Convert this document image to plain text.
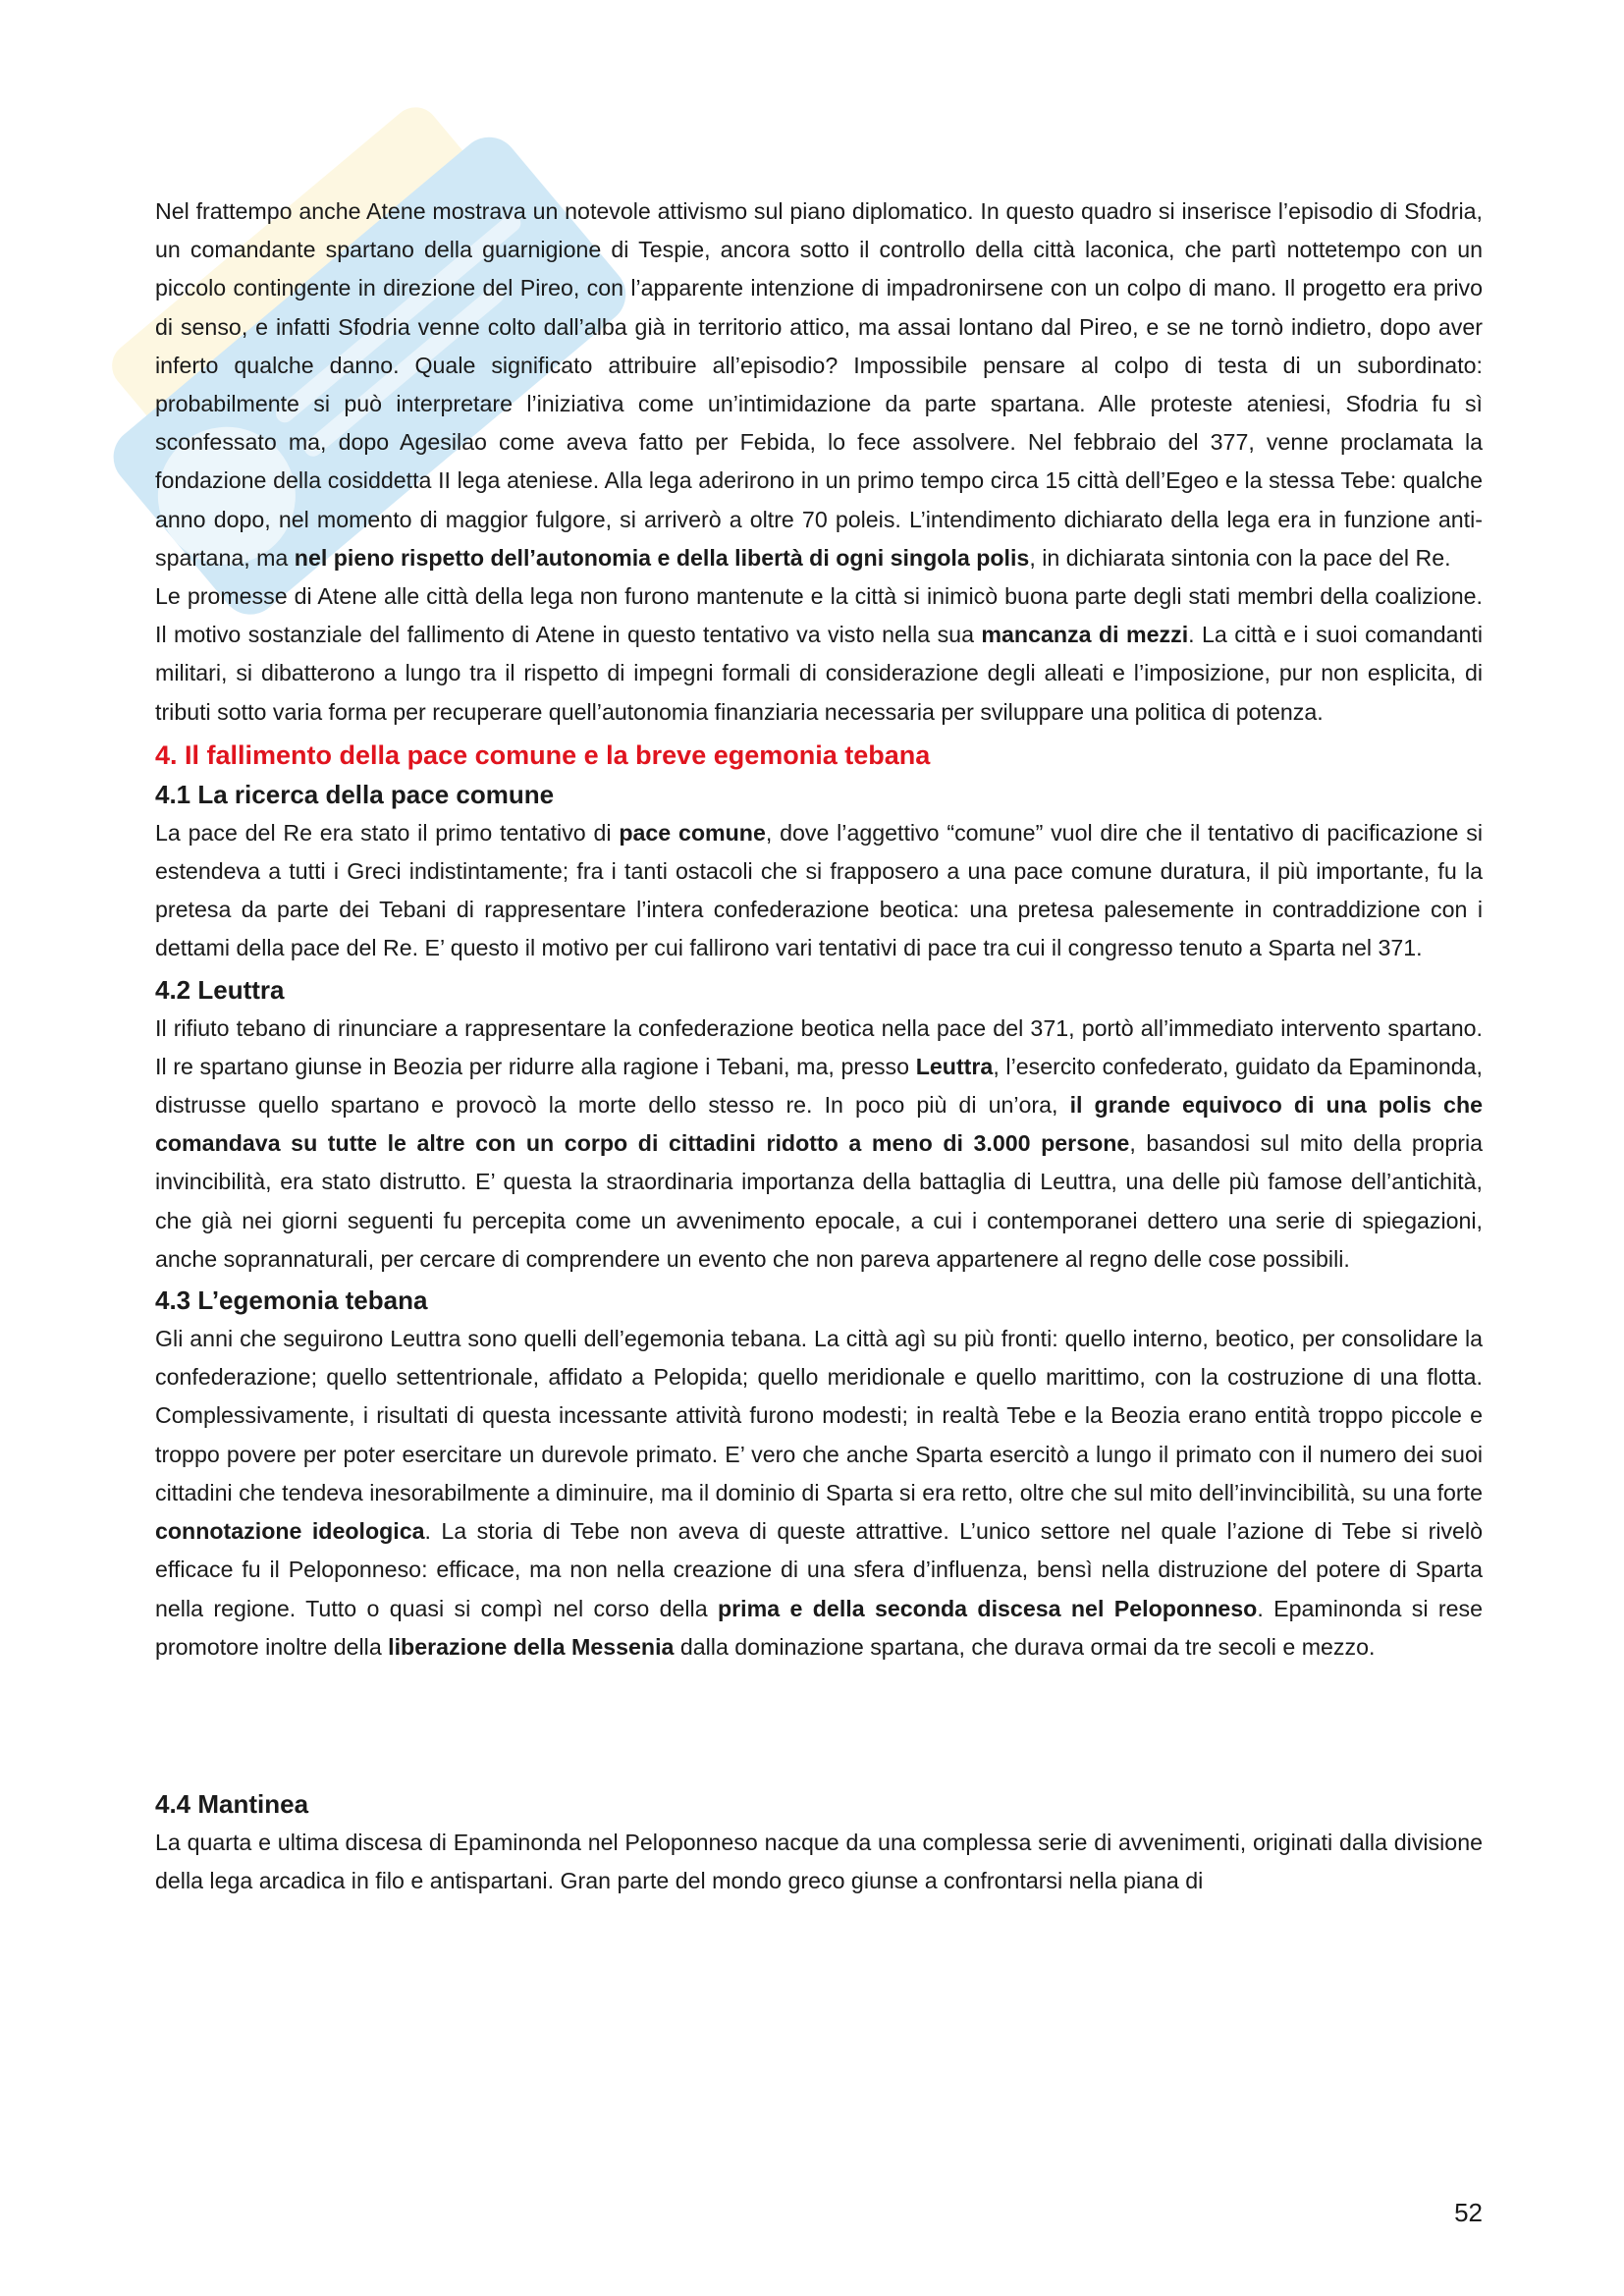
Nel frattempo anche Atene mostrava un notevole attivismo sul piano diplomatico. In questo quadro si inserisce l’episodio di Sfodria, un comandante spartano della guarnigione di Tespie, ancora sotto il controllo della città laconica, che partì nottetempo con un piccolo contingente in direzione del Pireo, con l’apparente intenzione di impadronirsene con un colpo di mano. Il progetto era privo di senso, e infatti Sfodria venne colto dall’alba già in territorio attico, ma assai lontano dal Pireo, e se ne tornò indietro, dopo aver inferto qualche danno. Quale significato attribuire all’episodio? Impossibile pensare al colpo di testa di un subordinato: probabilmente si può interpretare l’iniziativa come un’intimidazione da parte spartana. Alle proteste ateniesi, Sfodria fu sì sconfessato ma, dopo Agesilao come aveva fatto per Febida, lo fece assolvere. Nel febbraio del 377, venne proclamata la fondazione della cosiddetta II lega ateniese. Alla lega aderirono in un primo tempo circa 15 città dell’Egeo e la stessa Tebe: qualche anno dopo, nel momento di maggior fulgore, si arriverò a oltre 70 poleis. L’intendimento dichiarato della lega era in funzione anti-spartana, ma nel pieno rispetto dell’autonomia e della libertà di ogni singola polis, in dichiarata sintonia con la pace del Re.

Le promesse di Atene alle città della lega non furono mantenute e la città si inimicò buona parte degli stati membri della coalizione. Il motivo sostanziale del fallimento di Atene in questo tentativo va visto nella sua mancanza di mezzi. La città e i suoi comandanti militari, si dibatterono a lungo tra il rispetto di impegni formali di considerazione degli alleati e l’imposizione, pur non esplicita, di tributi sotto varia forma per recuperare quell’autonomia finanziaria necessaria per sviluppare una politica di potenza.

4. Il fallimento della pace comune e la breve egemonia tebana
4.1 La ricerca della pace comune

La pace del Re era stato il primo tentativo di pace comune, dove l’aggettivo “comune” vuol dire che il tentativo di pacificazione si estendeva a tutti i Greci indistintamente; fra i tanti ostacoli che si frapposero a una pace comune duratura, il più importante, fu la pretesa da parte dei Tebani di rappresentare l’intera confederazione beotica: una pretesa palesemente in contraddizione con i dettami della pace del Re. E’ questo il motivo per cui fallirono vari tentativi di pace tra cui il congresso tenuto a Sparta nel 371.

4.2 Leuttra

Il rifiuto tebano di rinunciare a rappresentare la confederazione beotica nella pace del 371, portò all’immediato intervento spartano. Il re spartano giunse in Beozia per ridurre alla ragione i Tebani, ma, presso Leuttra, l’esercito confederato, guidato da Epaminonda, distrusse quello spartano e provocò la morte dello stesso re. In poco più di un’ora, il grande equivoco di una polis che comandava su tutte le altre con un corpo di cittadini ridotto a meno di 3.000 persone, basandosi sul mito della propria invincibilità, era stato distrutto. E’ questa la straordinaria importanza della battaglia di Leuttra, una delle più famose dell’antichità, che già nei giorni seguenti fu percepita come un avvenimento epocale, a cui i contemporanei dettero una serie di spiegazioni, anche soprannaturali, per cercare di comprendere un evento che non pareva appartenere al regno delle cose possibili.

4.3 L’egemonia tebana

Gli anni che seguirono Leuttra sono quelli dell’egemonia tebana. La città agì su più fronti: quello interno, beotico, per consolidare la confederazione; quello settentrionale, affidato a Pelopida; quello meridionale e quello marittimo, con la costruzione di una flotta. Complessivamente, i risultati di questa incessante attività furono modesti; in realtà Tebe e la Beozia erano entità troppo piccole e troppo povere per poter esercitare un durevole primato. E’ vero che anche Sparta esercitò a lungo il primato con il numero dei suoi cittadini che tendeva inesorabilmente a diminuire, ma il dominio di Sparta si era retto, oltre che sul mito dell’invincibilità, su una forte connotazione ideologica. La storia di Tebe non aveva di queste attrattive. L’unico settore nel quale l’azione di Tebe si rivelò efficace fu il Peloponneso: efficace, ma non nella creazione di una sfera d’influenza, bensì nella distruzione del potere di Sparta nella regione. Tutto o quasi si compì nel corso della prima e della seconda discesa nel Peloponneso. Epaminonda si rese promotore inoltre della liberazione della Messenia dalla dominazione spartana, che durava ormai da tre secoli e mezzo.

4.4 Mantinea

La quarta e ultima discesa di Epaminonda nel Peloponneso nacque da una complessa serie di avvenimenti, originati dalla divisione della lega arcadica in filo e antispartani. Gran parte del mondo greco giunse a confrontarsi nella piana di

52
